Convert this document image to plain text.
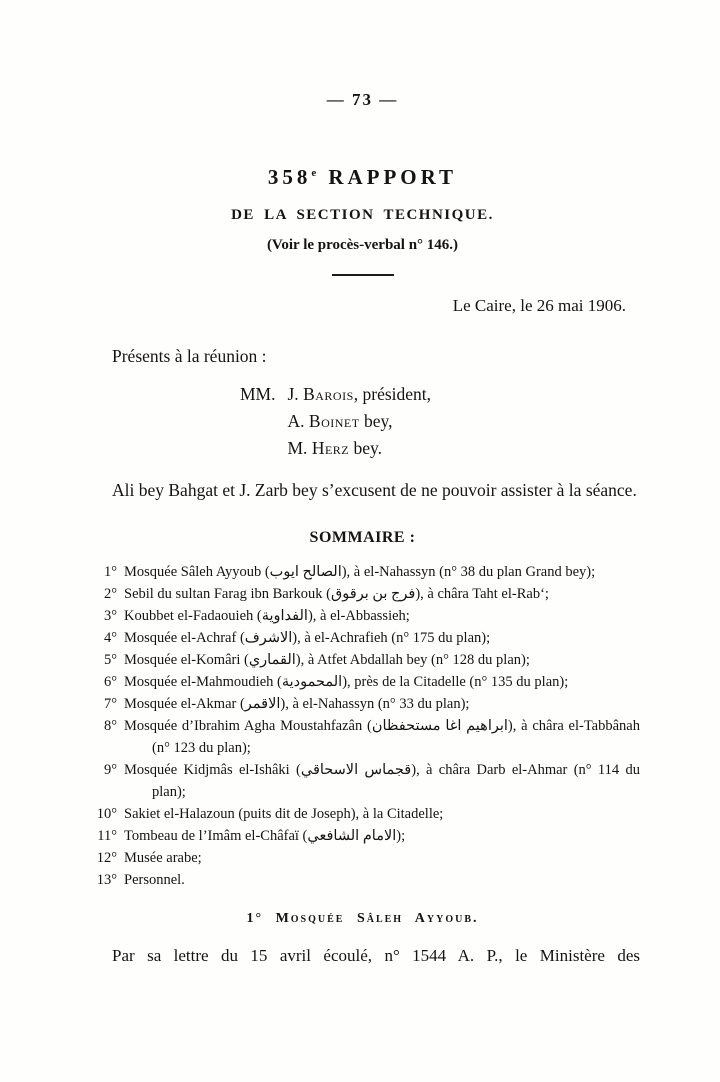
— 73 —
358e RAPPORT
DE LA SECTION TECHNIQUE.
(Voir le procès-verbal n° 146.)
Le Caire, le 26 mai 1906.
Présents à la réunion :
MM. J. Barois, président,
A. Boinet bey,
M. Herz bey.
Ali bey Bahgat et J. Zarb bey s’excusent de ne pouvoir assister à la séance.
SOMMAIRE :
1° Mosquée Sâleh Ayyoub (الصالح ايوب), à el-Nahassyn (n° 38 du plan Grand bey);
2° Sebil du sultan Farag ibn Barkouk (فرج بن برقوق), à châra Taht el-Rab‘;
3° Koubbet el-Fadaouieh (الفداوية), à el-Abbassieh;
4° Mosquée el-Achraf (الاشرف), à el-Achrafieh (n° 175 du plan);
5° Mosquée el-Komâri (القماري), à Atfet Abdallah bey (n° 128 du plan);
6° Mosquée el-Mahmoudieh (المحمودية), près de la Citadelle (n° 135 du plan);
7° Mosquée el-Akmar (الاقمر), à el-Nahassyn (n° 33 du plan);
8° Mosquée d’Ibrahim Agha Moustahfazân (ابراهيم اغا مستحفظان), à châra el-Tabbânah (n° 123 du plan);
9° Mosquée Kidjmâs el-Ishâki (قجماس الاسحاقي), à châra Darb el-Ahmar (n° 114 du plan);
10° Sakiet el-Halazoun (puits dit de Joseph), à la Citadelle;
11° Tombeau de l’Imâm el-Châfaï (الامام الشافعي);
12° Musée arabe;
13° Personnel.
1° Mosquée Sâleh Ayyoub.
Par sa lettre du 15 avril écoulé, n° 1544 A. P., le Ministère des
